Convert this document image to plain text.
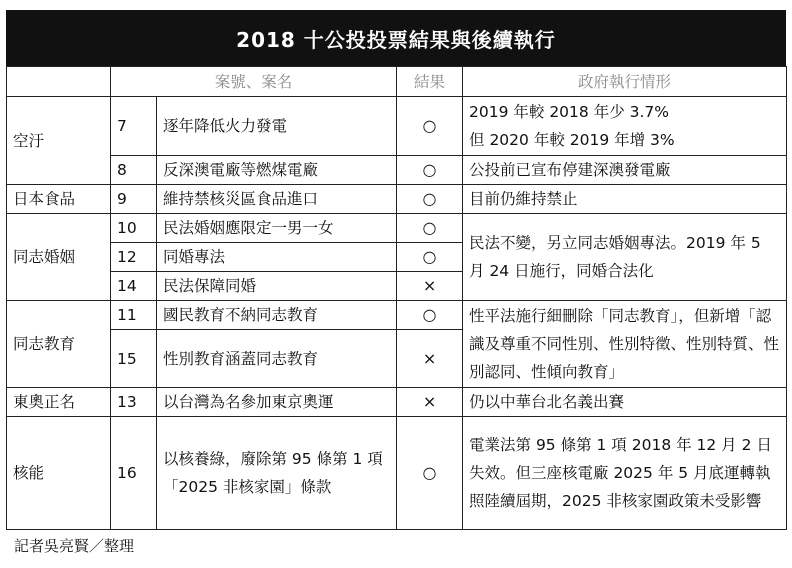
2018 十公投投票結果與後續執行
	案號、案名		結果	政府執行情形
空汙	7	逐年降低火力發電	○	2019 年較 2018 年少 3.7%
但 2020 年較 2019 年增 3%

	8	反深澳電廠等燃煤電廠	○	公投前已宣布停建深澳發電廠
日本食品	9	維持禁核災區食品進口	○	目前仍維持禁止
同志婚姻	10	民法婚姻應限定一男一女	○	民法不變，另立同志婚姻專法。2019 年 5 月 24 日施行，同婚合法化
	12	同婚專法	○	
	14	民法保障同婚	×	
同志教育	11	國民教育不納同志教育	○	性平法施行細刪除「同志教育」，但新增「認識及尊重不同性別、性別特徵、性別特質、性別認同、性傾向教育」
	15	性別教育涵蓋同志教育	×	
東奧正名	13	以台灣為名參加東京奧運	×	仍以中華台北名義出賽
核能	16	以核養綠，廢除第 95 條第 1 項「2025 非核家園」條款	○	電業法第 95 條第 1 項 2018 年 12 月 2 日失效。但三座核電廠 2025 年 5 月底運轉執照陸續屆期，2025 非核家園政策未受影響
記者吳亮賢／整理
